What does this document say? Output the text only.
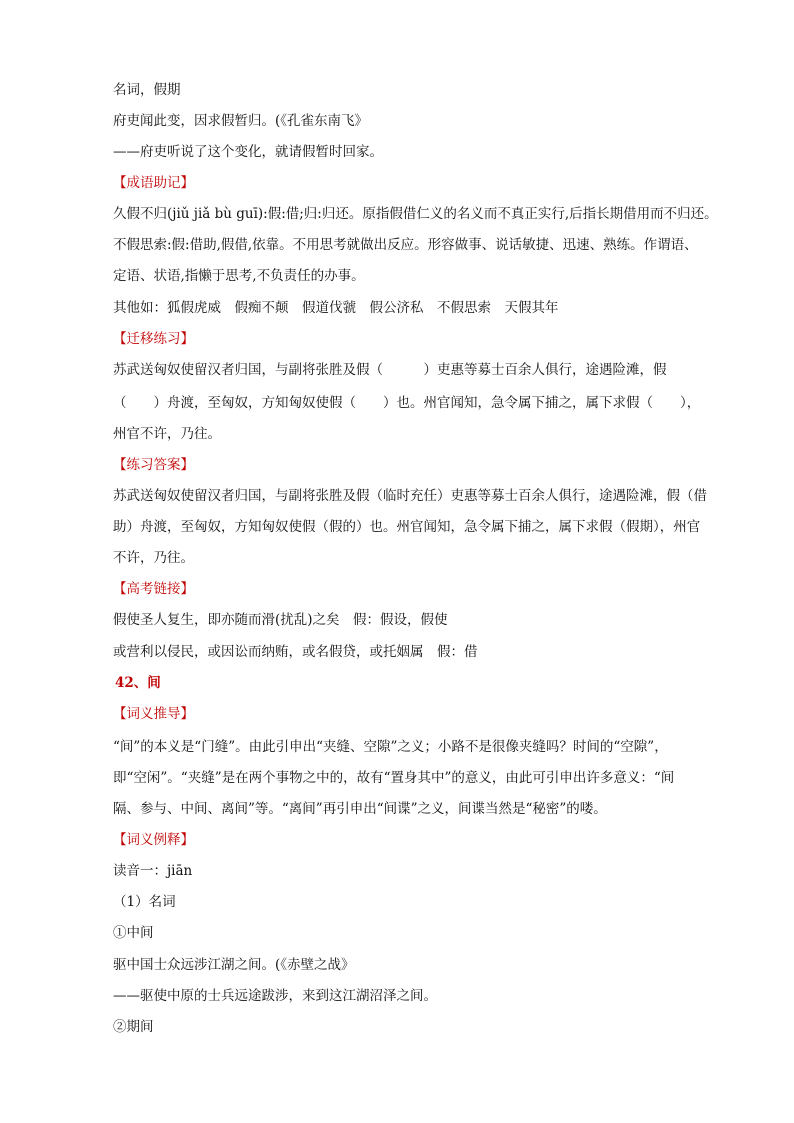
名词，假期
府吏闻此变，因求假暂归。(《孔雀东南飞》
——府吏听说了这个变化，就请假暂时回家。
【成语助记】
久假不归(jiǔ jiǎ bù guī):假:借;归:归还。原指假借仁义的名义而不真正实行,后指长期借用而不归还。
不假思索:假:借助,假借,依靠。不用思考就做出反应。形容做事、说话敏捷、迅速、熟练。作谓语、
定语、状语,指懒于思考,不负责任的办事。
其他如：狐假虎威　假痴不颠　假道伐虢　假公济私　不假思索　天假其年
【迁移练习】
苏武送匈奴使留汉者归国，与副将张胜及假（　　　）吏惠等募士百余人俱行，途遇险滩，假
（　　）舟渡，至匈奴，方知匈奴使假（　　）也。州官闻知，急令属下捕之，属下求假（　　），
州官不许，乃往。
【练习答案】
苏武送匈奴使留汉者归国，与副将张胜及假（临时充任）吏惠等募士百余人俱行，途遇险滩，假（借
助）舟渡，至匈奴，方知匈奴使假（假的）也。州官闻知，急令属下捕之，属下求假（假期），州官
不许，乃往。
【高考链接】
假使圣人复生，即亦随而滑(扰乱)之矣　假：假设，假使
或营利以侵民，或因讼而纳贿，或名假贷，或托姻属　假：借
42、间
【词义推导】
“间”的本义是“门缝”。由此引申出“夹缝、空隙”之义；小路不是很像夹缝吗？时间的“空隙”，
即“空闲”。“夹缝”是在两个事物之中的，故有“置身其中”的意义，由此可引申出许多意义：“间
隔、参与、中间、离间”等。“离间”再引申出“间谍”之义，间谍当然是“秘密”的喽。
【词义例释】
读音一：jiān
（1）名词
①中间
驱中国士众远涉江湖之间。(《赤壁之战》
——驱使中原的士兵远途跋涉，来到这江湖沼泽之间。
②期间
